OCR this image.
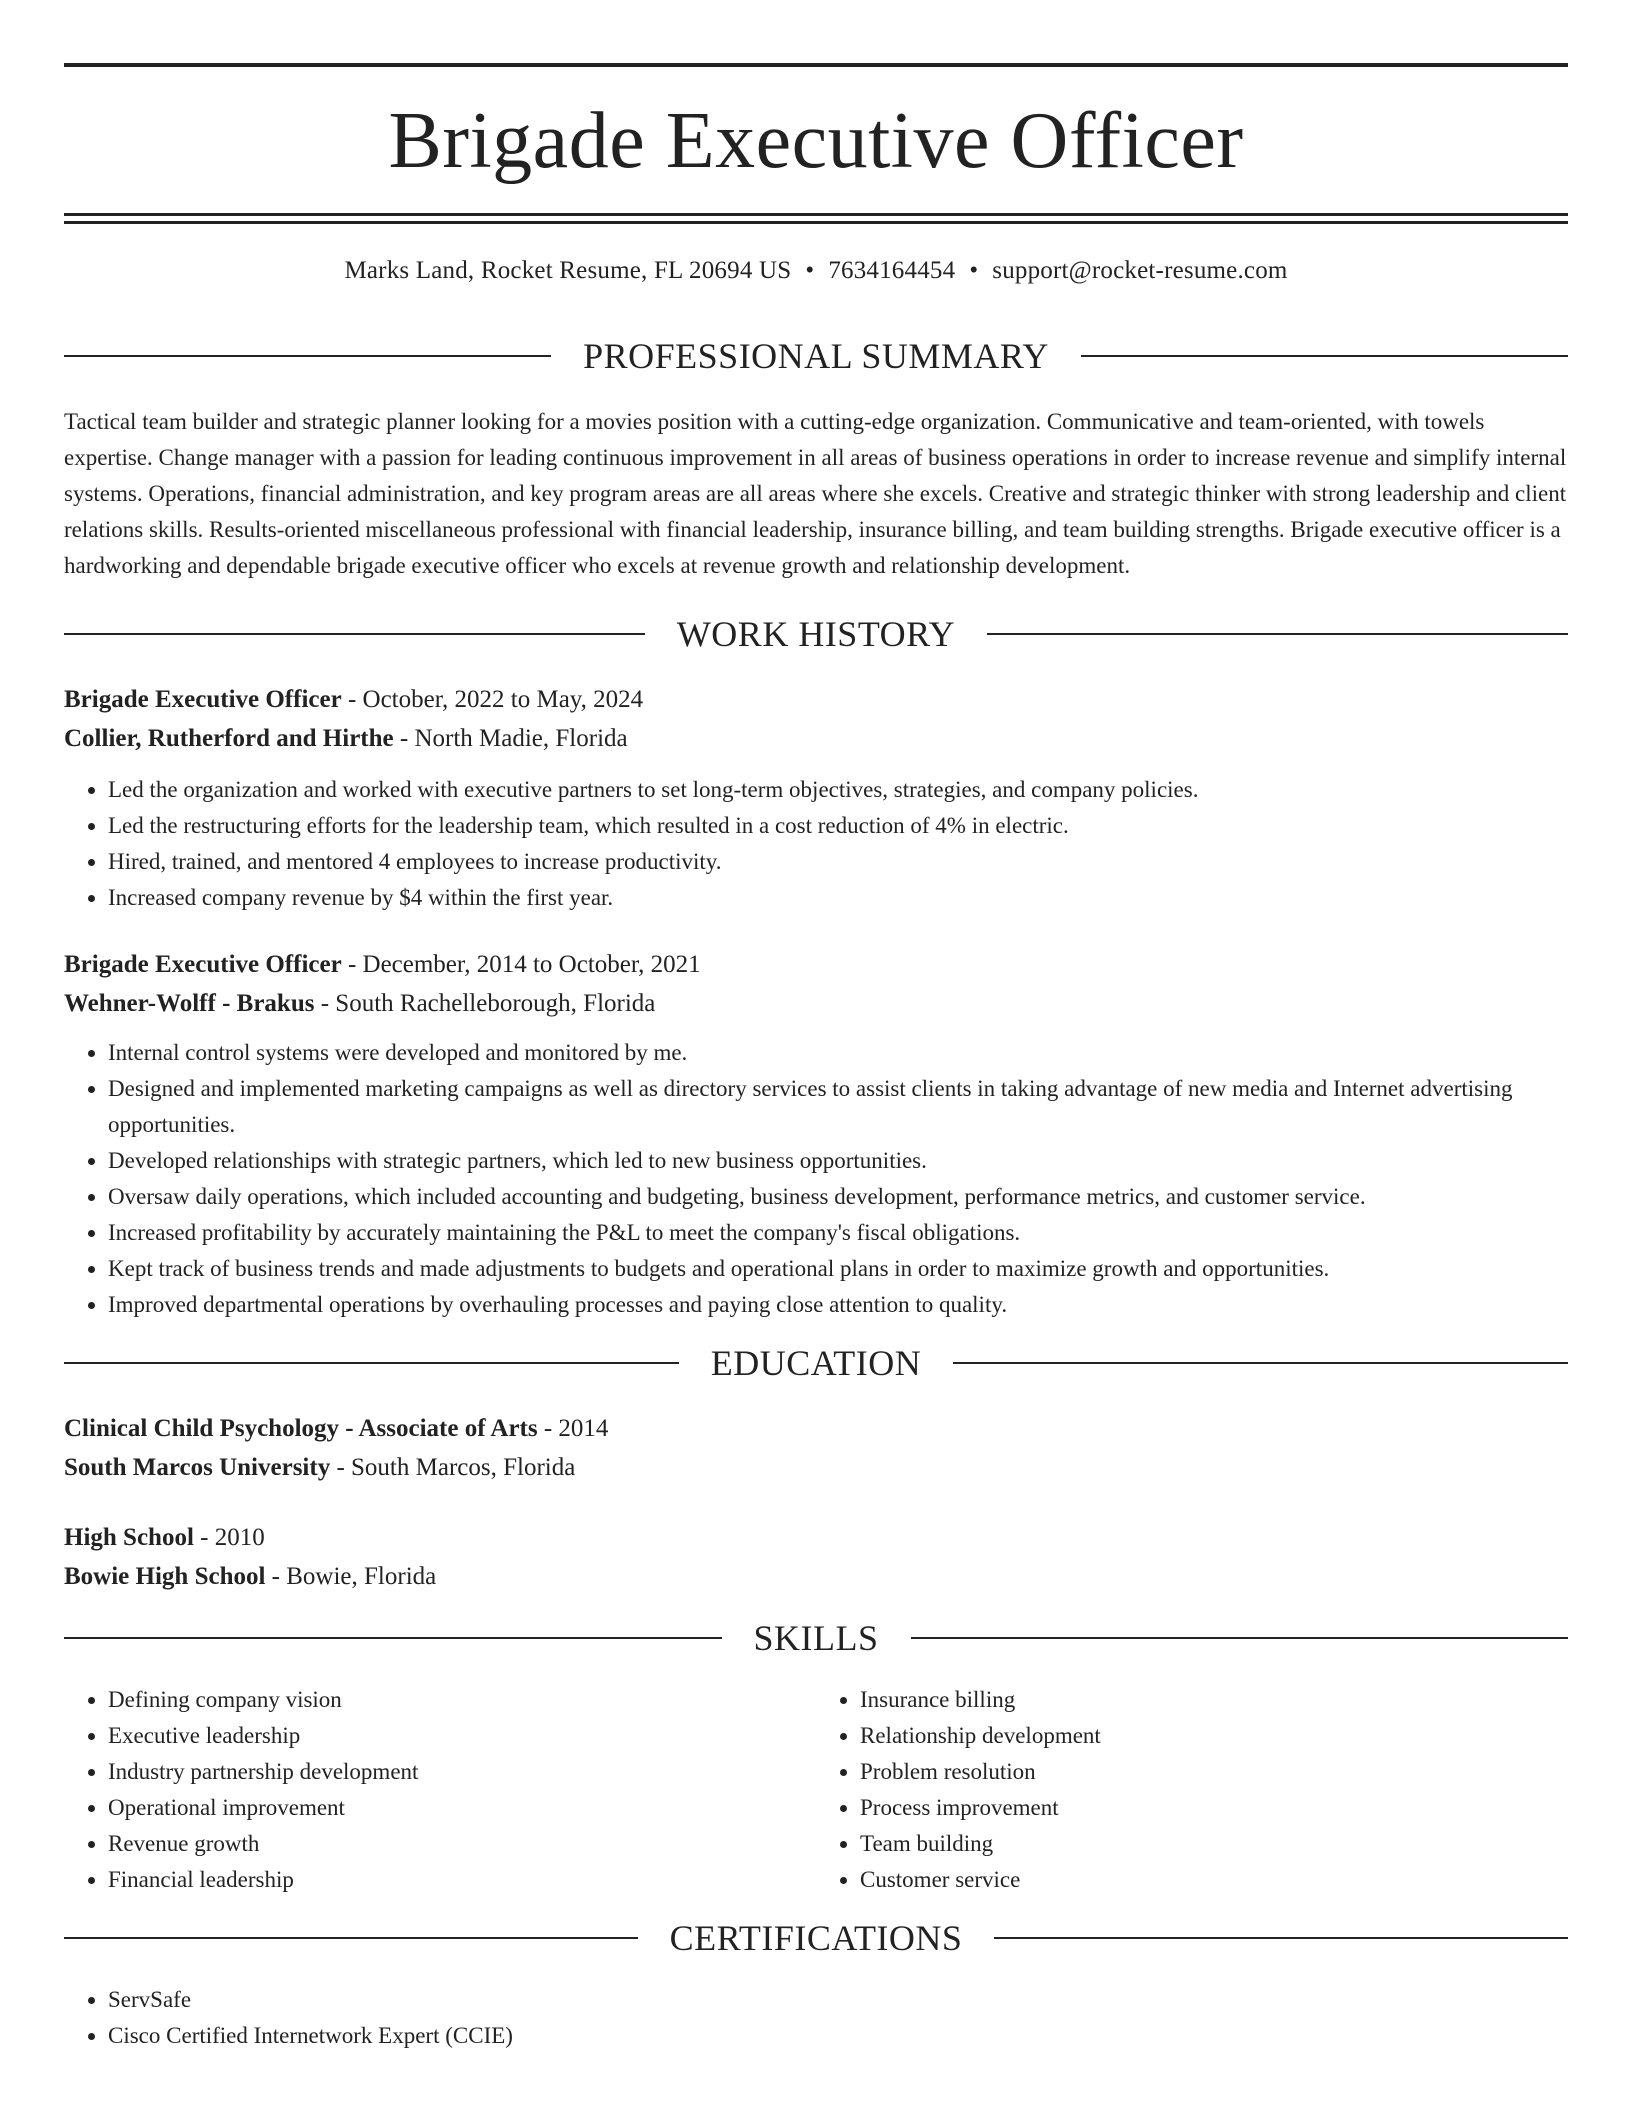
Brigade Executive Officer
Marks Land, Rocket Resume, FL 20694 US • 7634164454 • support@rocket-resume.com
PROFESSIONAL SUMMARY

Tactical team builder and strategic planner looking for a movies position with a cutting-edge organization. Communicative and team-oriented, with towels expertise. Change manager with a passion for leading continuous improvement in all areas of business operations in order to increase revenue and simplify internal systems. Operations, financial administration, and key program areas are all areas where she excels. Creative and strategic thinker with strong leadership and client relations skills. Results-oriented miscellaneous professional with financial leadership, insurance billing, and team building strengths. Brigade executive officer is a hardworking and dependable brigade executive officer who excels at revenue growth and relationship development.

WORK HISTORY
Brigade Executive Officer - October, 2022 to May, 2024
Collier, Rutherford and Hirthe - North Madie, Florida
• Led the organization and worked with executive partners to set long-term objectives, strategies, and company policies.
• Led the restructuring efforts for the leadership team, which resulted in a cost reduction of 4% in electric.
• Hired, trained, and mentored 4 employees to increase productivity.
• Increased company revenue by $4 within the first year.
Brigade Executive Officer - December, 2014 to October, 2021
Wehner-Wolff - Brakus - South Rachelleborough, Florida
• Internal control systems were developed and monitored by me.
• Designed and implemented marketing campaigns as well as directory services to assist clients in taking advantage of new media and Internet advertising opportunities.
• Developed relationships with strategic partners, which led to new business opportunities.
• Oversaw daily operations, which included accounting and budgeting, business development, performance metrics, and customer service.
• Increased profitability by accurately maintaining the P&L to meet the company's fiscal obligations.
• Kept track of business trends and made adjustments to budgets and operational plans in order to maximize growth and opportunities.
• Improved departmental operations by overhauling processes and paying close attention to quality.
EDUCATION
Clinical Child Psychology - Associate of Arts - 2014
South Marcos University - South Marcos, Florida
High School - 2010
Bowie High School - Bowie, Florida
SKILLS
• Defining company vision
• Executive leadership
• Industry partnership development
• Operational improvement
• Revenue growth
• Financial leadership
• Insurance billing
• Relationship development
• Problem resolution
• Process improvement
• Team building
• Customer service
CERTIFICATIONS
• ServSafe
• Cisco Certified Internetwork Expert (CCIE)
